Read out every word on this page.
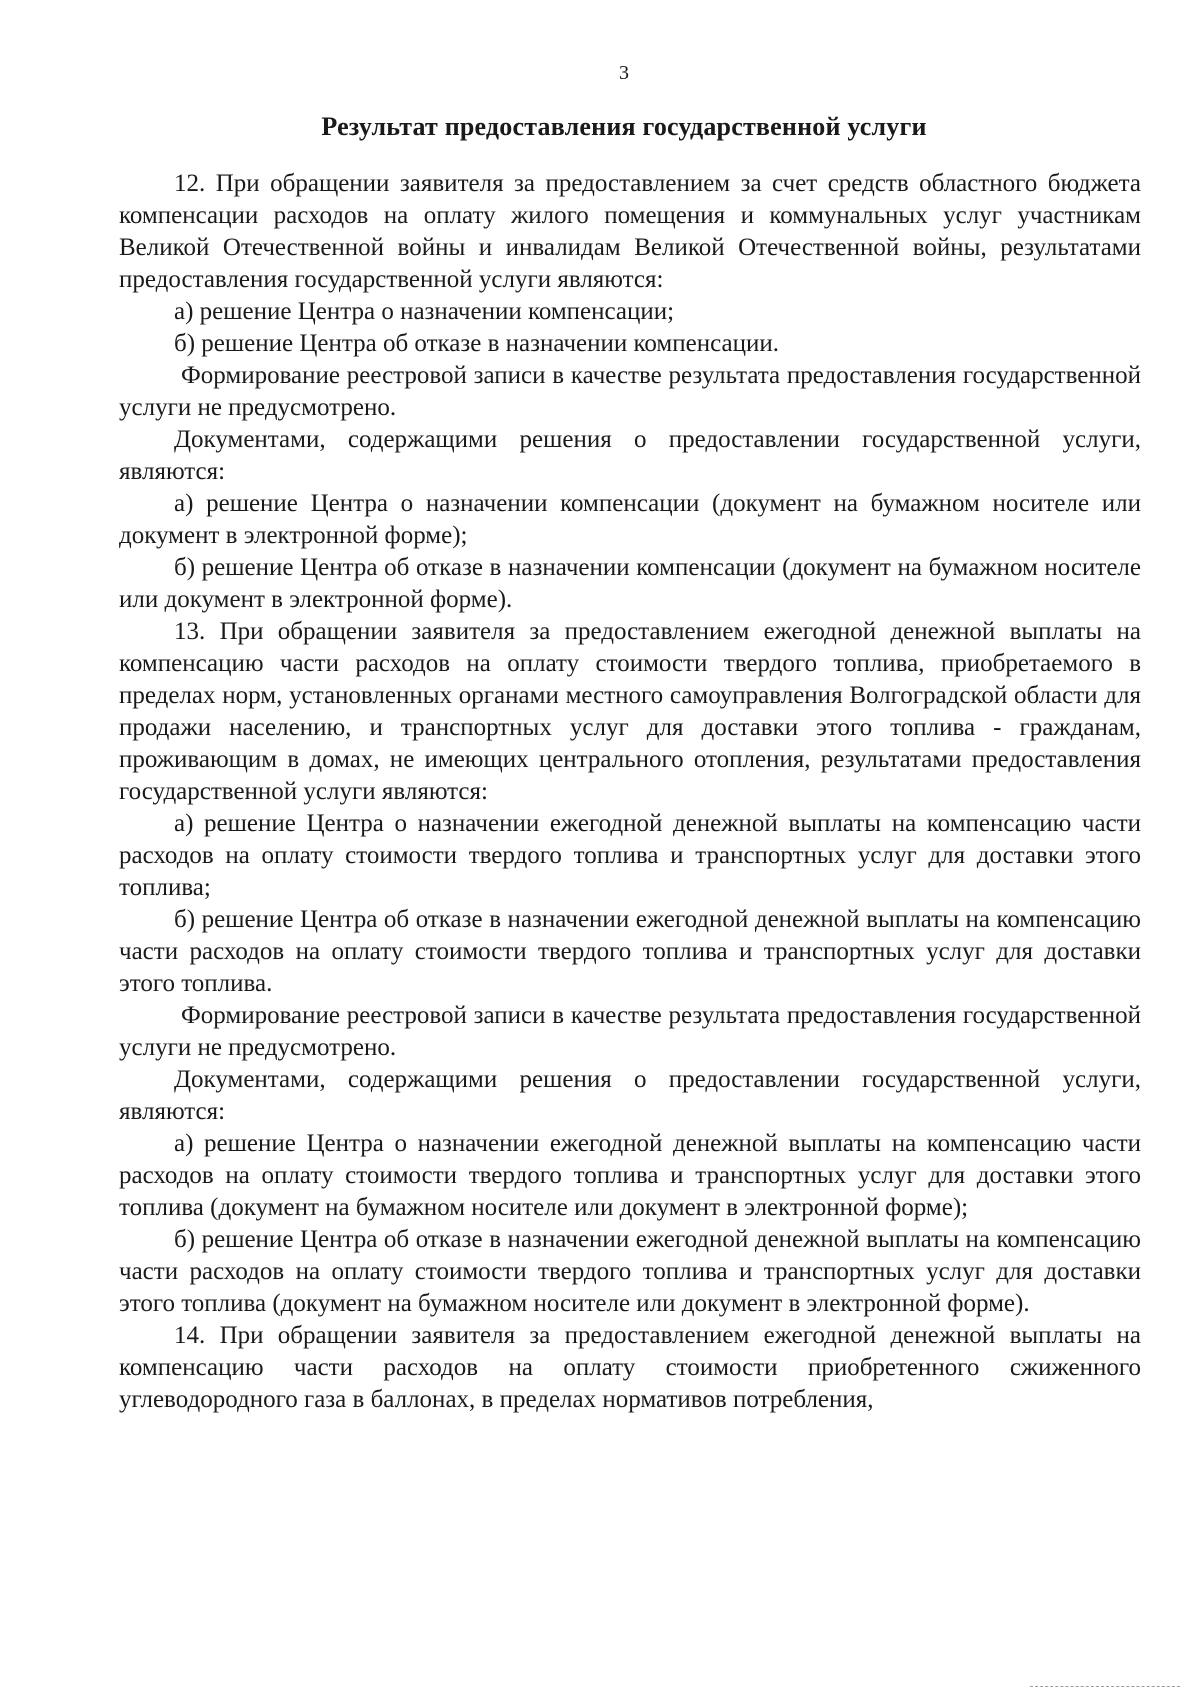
3
Результат предоставления государственной услуги

12. При обращении заявителя за предоставлением за счет средств областного бюджета компенсации расходов на оплату жилого помещения и коммунальных услуг участникам Великой Отечественной войны и инвалидам Великой Отечественной войны, результатами предоставления государственной услуги являются:

а) решение Центра о назначении компенсации;

б) решение Центра об отказе в назначении компенсации.

Формирование реестровой записи в качестве результата предоставления государственной услуги не предусмотрено.

Документами, содержащими решения о предоставлении государственной услуги, являются:

а) решение Центра о назначении компенсации (документ на бумажном носителе или документ в электронной форме);

б) решение Центра об отказе в назначении компенсации (документ на бумажном носителе или документ в электронной форме).

13. При обращении заявителя за предоставлением ежегодной денежной выплаты на компенсацию части расходов на оплату стоимости твердого топлива, приобретаемого в пределах норм, установленных органами местного самоуправления Волгоградской области для продажи населению, и транспортных услуг для доставки этого топлива - гражданам, проживающим в домах, не имеющих центрального отопления, результатами предоставления государственной услуги являются:

а) решение Центра о назначении ежегодной денежной выплаты на компенсацию части расходов на оплату стоимости твердого топлива и транспортных услуг для доставки этого топлива;

б) решение Центра об отказе в назначении ежегодной денежной выплаты на компенсацию части расходов на оплату стоимости твердого топлива и транспортных услуг для доставки этого топлива.

Формирование реестровой записи в качестве результата предоставления государственной услуги не предусмотрено.

Документами, содержащими решения о предоставлении государственной услуги, являются:

а) решение Центра о назначении ежегодной денежной выплаты на компенсацию части расходов на оплату стоимости твердого топлива и транспортных услуг для доставки этого топлива (документ на бумажном носителе или документ в электронной форме);

б) решение Центра об отказе в назначении ежегодной денежной выплаты на компенсацию части расходов на оплату стоимости твердого топлива и транспортных услуг для доставки этого топлива (документ на бумажном носителе или документ в электронной форме).

14. При обращении заявителя за предоставлением ежегодной денежной выплаты на компенсацию части расходов на оплату стоимости приобретенного сжиженного углеводородного газа в баллонах, в пределах нормативов потребления,
